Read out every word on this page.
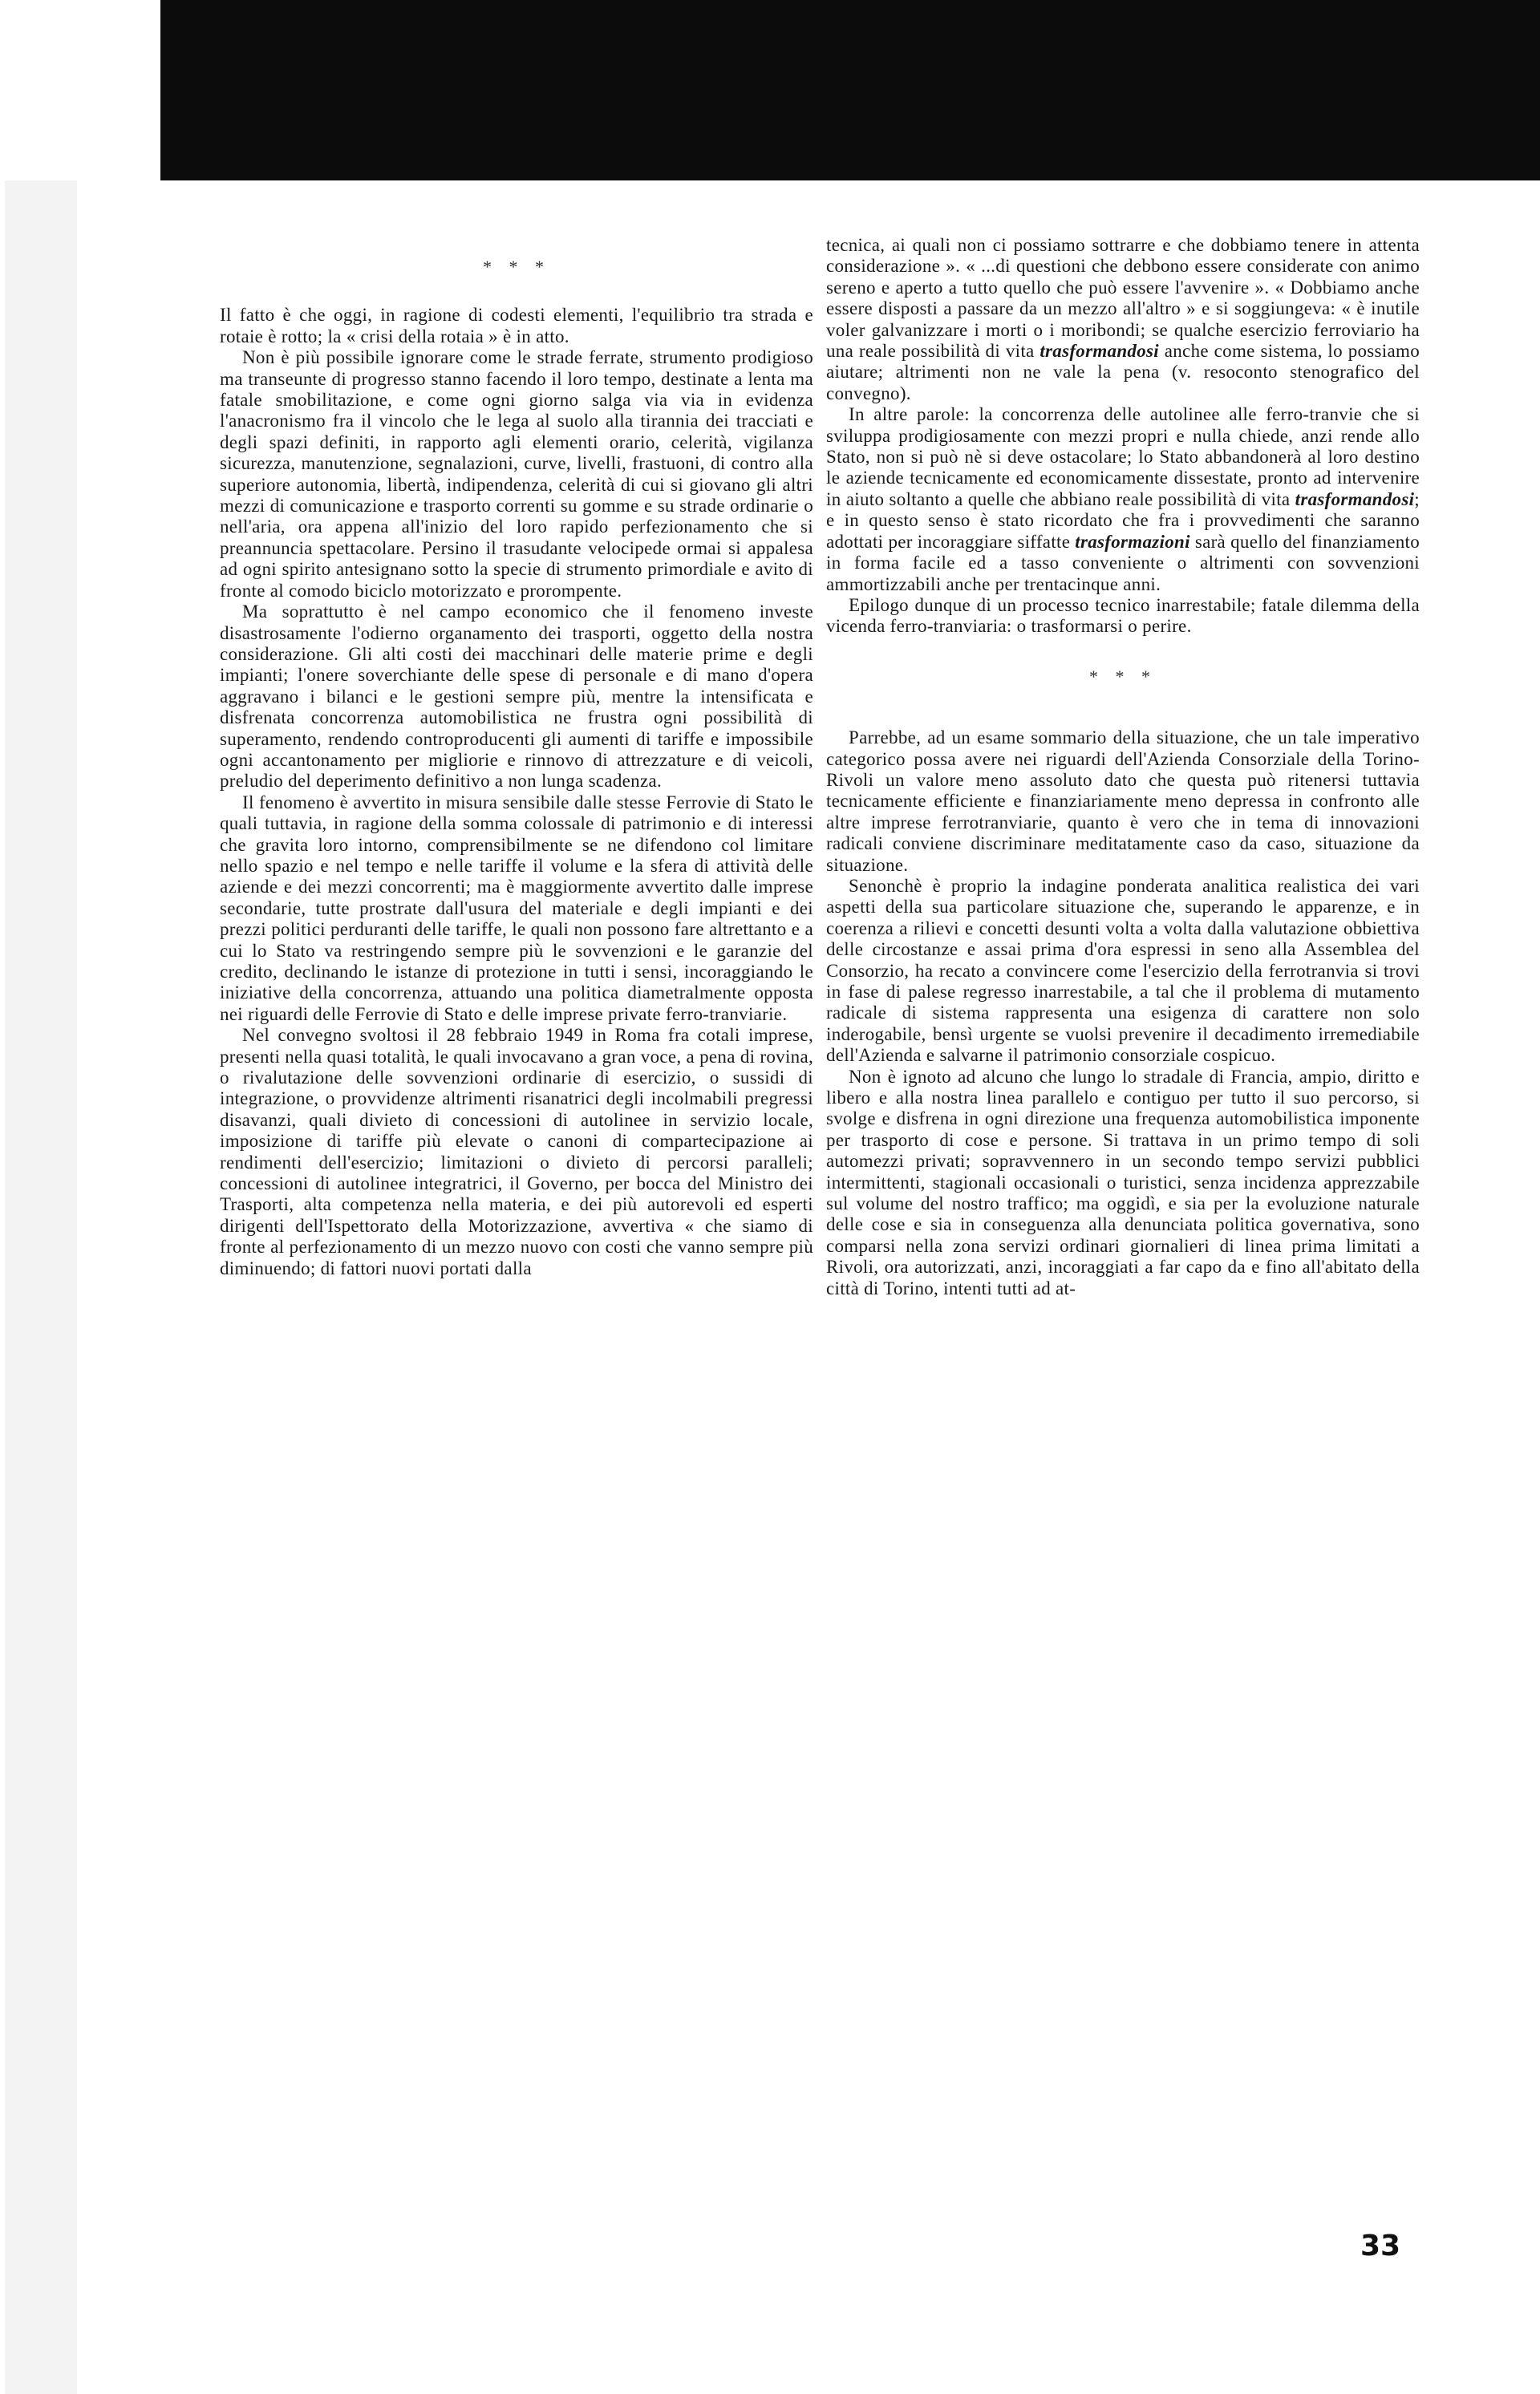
* * *

Il fatto è che oggi, in ragione di codesti elementi, l'equilibrio tra strada e rotaie è rotto; la « crisi della rotaia » è in atto.

Non è più possibile ignorare come le strade ferrate, strumento prodigioso ma transeunte di progresso stanno facendo il loro tempo, destinate a lenta ma fatale smobilitazione, e come ogni giorno salga via via in evidenza l'anacronismo fra il vincolo che le lega al suolo alla tirannia dei tracciati e degli spazi definiti, in rapporto agli elementi orario, celerità, vigilanza sicurezza, manutenzione, segnalazioni, curve, livelli, frastuoni, di contro alla superiore autonomia, libertà, indipendenza, celerità di cui si giovano gli altri mezzi di comunicazione e trasporto correnti su gomme e su strade ordinarie o nell'aria, ora appena all'inizio del loro rapido perfezionamento che si preannuncia spettacolare. Persino il trasudante velocipede ormai si appalesa ad ogni spirito antesignano sotto la specie di strumento primordiale e avito di fronte al comodo biciclo motorizzato e prorompente.

Ma soprattutto è nel campo economico che il fenomeno investe disastrosamente l'odierno organamento dei trasporti, oggetto della nostra considerazione. Gli alti costi dei macchinari delle materie prime e degli impianti; l'onere soverchiante delle spese di personale e di mano d'opera aggravano i bilanci e le gestioni sempre più, mentre la intensificata e disfrenata concorrenza automobilistica ne frustra ogni possibilità di superamento, rendendo controproducenti gli aumenti di tariffe e impossibile ogni accantonamento per migliorie e rinnovo di attrezzature e di veicoli, preludio del deperimento definitivo a non lunga scadenza.

Il fenomeno è avvertito in misura sensibile dalle stesse Ferrovie di Stato le quali tuttavia, in ragione della somma colossale di patrimonio e di interessi che gravita loro intorno, comprensibilmente se ne difendono col limitare nello spazio e nel tempo e nelle tariffe il volume e la sfera di attività delle aziende e dei mezzi concorrenti; ma è maggiormente avvertito dalle imprese secondarie, tutte prostrate dall'usura del materiale e degli impianti e dei prezzi politici perduranti delle tariffe, le quali non possono fare altrettanto e a cui lo Stato va restringendo sempre più le sovvenzioni e le garanzie del credito, declinando le istanze di protezione in tutti i sensi, incoraggiando le iniziative della concorrenza, attuando una politica diametralmente opposta nei riguardi delle Ferrovie di Stato e delle imprese private ferro-tranviarie.

Nel convegno svoltosi il 28 febbraio 1949 in Roma fra cotali imprese, presenti nella quasi totalità, le quali invocavano a gran voce, a pena di rovina, o rivalutazione delle sovvenzioni ordinarie di esercizio, o sussidi di integrazione, o provvidenze altrimenti risanatrici degli incolmabili pregressi disavanzi, quali divieto di concessioni di autolinee in servizio locale, imposizione di tariffe più elevate o canoni di compartecipazione ai rendimenti dell'esercizio; limitazioni o divieto di percorsi paralleli; concessioni di autolinee integratrici, il Governo, per bocca del Ministro dei Trasporti, alta competenza nella materia, e dei più autorevoli ed esperti dirigenti dell'Ispettorato della Motorizzazione, avvertiva « che siamo di fronte al perfezionamento di un mezzo nuovo con costi che vanno sempre più diminuendo; di fattori nuovi portati dalla

tecnica, ai quali non ci possiamo sottrarre e che dobbiamo tenere in attenta considerazione ». « ...di questioni che debbono essere considerate con animo sereno e aperto a tutto quello che può essere l'avvenire ». « Dobbiamo anche essere disposti a passare da un mezzo all'altro » e si soggiungeva: « è inutile voler galvanizzare i morti o i moribondi; se qualche esercizio ferroviario ha una reale possibilità di vita trasformandosi anche come sistema, lo possiamo aiutare; altrimenti non ne vale la pena (v. resoconto stenografico del convegno).

In altre parole: la concorrenza delle autolinee alle ferro-tranvie che si sviluppa prodigiosamente con mezzi propri e nulla chiede, anzi rende allo Stato, non si può nè si deve ostacolare; lo Stato abbandonerà al loro destino le aziende tecnicamente ed economicamente dissestate, pronto ad intervenire in aiuto soltanto a quelle che abbiano reale possibilità di vita trasformandosi; e in questo senso è stato ricordato che fra i provvedimenti che saranno adottati per incoraggiare siffatte trasformazioni sarà quello del finanziamento in forma facile ed a tasso conveniente o altrimenti con sovvenzioni ammortizzabili anche per trentacinque anni.

Epilogo dunque di un processo tecnico inarrestabile; fatale dilemma della vicenda ferro-tranviaria: o trasformarsi o perire.

* * *

Parrebbe, ad un esame sommario della situazione, che un tale imperativo categorico possa avere nei riguardi dell'Azienda Consorziale della Torino-Rivoli un valore meno assoluto dato che questa può ritenersi tuttavia tecnicamente efficiente e finanziariamente meno depressa in confronto alle altre imprese ferrotranviarie, quanto è vero che in tema di innovazioni radicali conviene discriminare meditatamente caso da caso, situazione da situazione.

Senonchè è proprio la indagine ponderata analitica realistica dei vari aspetti della sua particolare situazione che, superando le apparenze, e in coerenza a rilievi e concetti desunti volta a volta dalla valutazione obbiettiva delle circostanze e assai prima d'ora espressi in seno alla Assemblea del Consorzio, ha recato a convincere come l'esercizio della ferrotranvia si trovi in fase di palese regresso inarrestabile, a tal che il problema di mutamento radicale di sistema rappresenta una esigenza di carattere non solo inderogabile, bensì urgente se vuolsi prevenire il decadimento irremediabile dell'Azienda e salvarne il patrimonio consorziale cospicuo.

Non è ignoto ad alcuno che lungo lo stradale di Francia, ampio, diritto e libero e alla nostra linea parallelo e contiguo per tutto il suo percorso, si svolge e disfrena in ogni direzione una frequenza automobilistica imponente per trasporto di cose e persone. Si trattava in un primo tempo di soli automezzi privati; sopravvennero in un secondo tempo servizi pubblici intermittenti, stagionali occasionali o turistici, senza incidenza apprezzabile sul volume del nostro traffico; ma oggidì, e sia per la evoluzione naturale delle cose e sia in conseguenza alla denunciata politica governativa, sono comparsi nella zona servizi ordinari giornalieri di linea prima limitati a Rivoli, ora autorizzati, anzi, incoraggiati a far capo da e fino all'abitato della città di Torino, intenti tutti ad at-

33
